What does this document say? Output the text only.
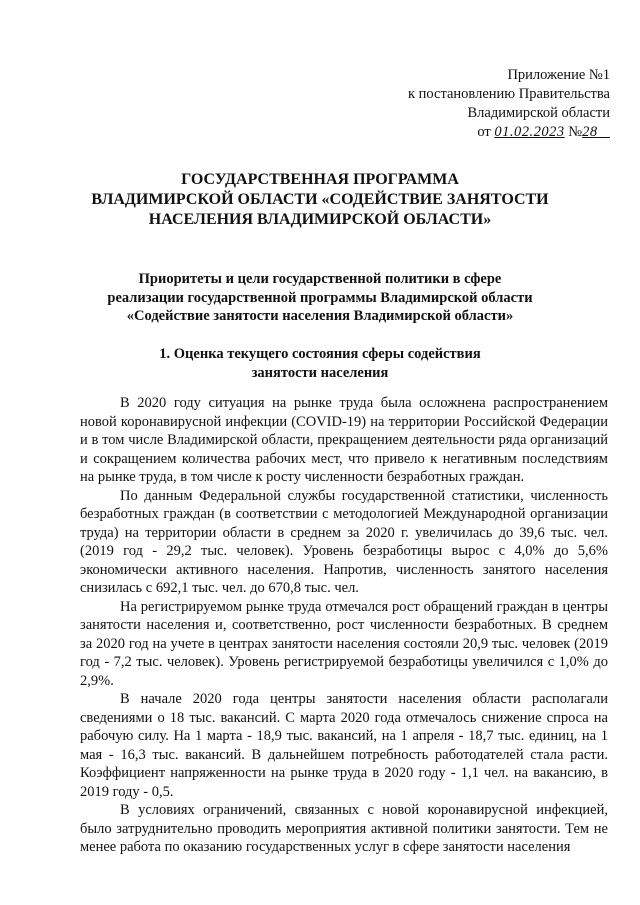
Приложение №1
к постановлению Правительства
Владимирской области
от 01.02.2023 №28
ГОСУДАРСТВЕННАЯ ПРОГРАММА
ВЛАДИМИРСКОЙ ОБЛАСТИ «СОДЕЙСТВИЕ ЗАНЯТОСТИ
НАСЕЛЕНИЯ ВЛАДИМИРСКОЙ ОБЛАСТИ»
Приоритеты и цели государственной политики в сфере
реализации государственной программы Владимирской области
«Содействие занятости населения Владимирской области»
1. Оценка текущего состояния сферы содействия
занятости населения

В 2020 году ситуация на рынке труда была осложнена распространением новой коронавирусной инфекции (COVID-19) на территории Российской Федерации и в том числе Владимирской области, прекращением деятельности ряда организаций и сокращением количества рабочих мест, что привело к негативным последствиям на рынке труда, в том числе к росту численности безработных граждан.

По данным Федеральной службы государственной статистики, численность безработных граждан (в соответствии с методологией Международной организации труда) на территории области в среднем за 2020 г. увеличилась до 39,6 тыс. чел. (2019 год - 29,2 тыс. человек). Уровень безработицы вырос с 4,0% до 5,6% экономически активного населения. Напротив, численность занятого населения снизилась с 692,1 тыс. чел. до 670,8 тыс. чел.

На регистрируемом рынке труда отмечался рост обращений граждан в центры занятости населения и, соответственно, рост численности безработных. В среднем за 2020 год на учете в центрах занятости населения состояли 20,9 тыс. человек (2019 год - 7,2 тыс. человек). Уровень регистрируемой безработицы увеличился с 1,0% до 2,9%.

В начале 2020 года центры занятости населения области располагали сведениями о 18 тыс. вакансий. С марта 2020 года отмечалось снижение спроса на рабочую силу. На 1 марта - 18,9 тыс. вакансий, на 1 апреля - 18,7 тыс. единиц, на 1 мая - 16,3 тыс. вакансий. В дальнейшем потребность работодателей стала расти. Коэффициент напряженности на рынке труда в 2020 году - 1,1 чел. на вакансию, в 2019 году - 0,5.

В условиях ограничений, связанных с новой коронавирусной инфекцией, было затруднительно проводить мероприятия активной политики занятости. Тем не менее работа по оказанию государственных услуг в сфере занятости населения
